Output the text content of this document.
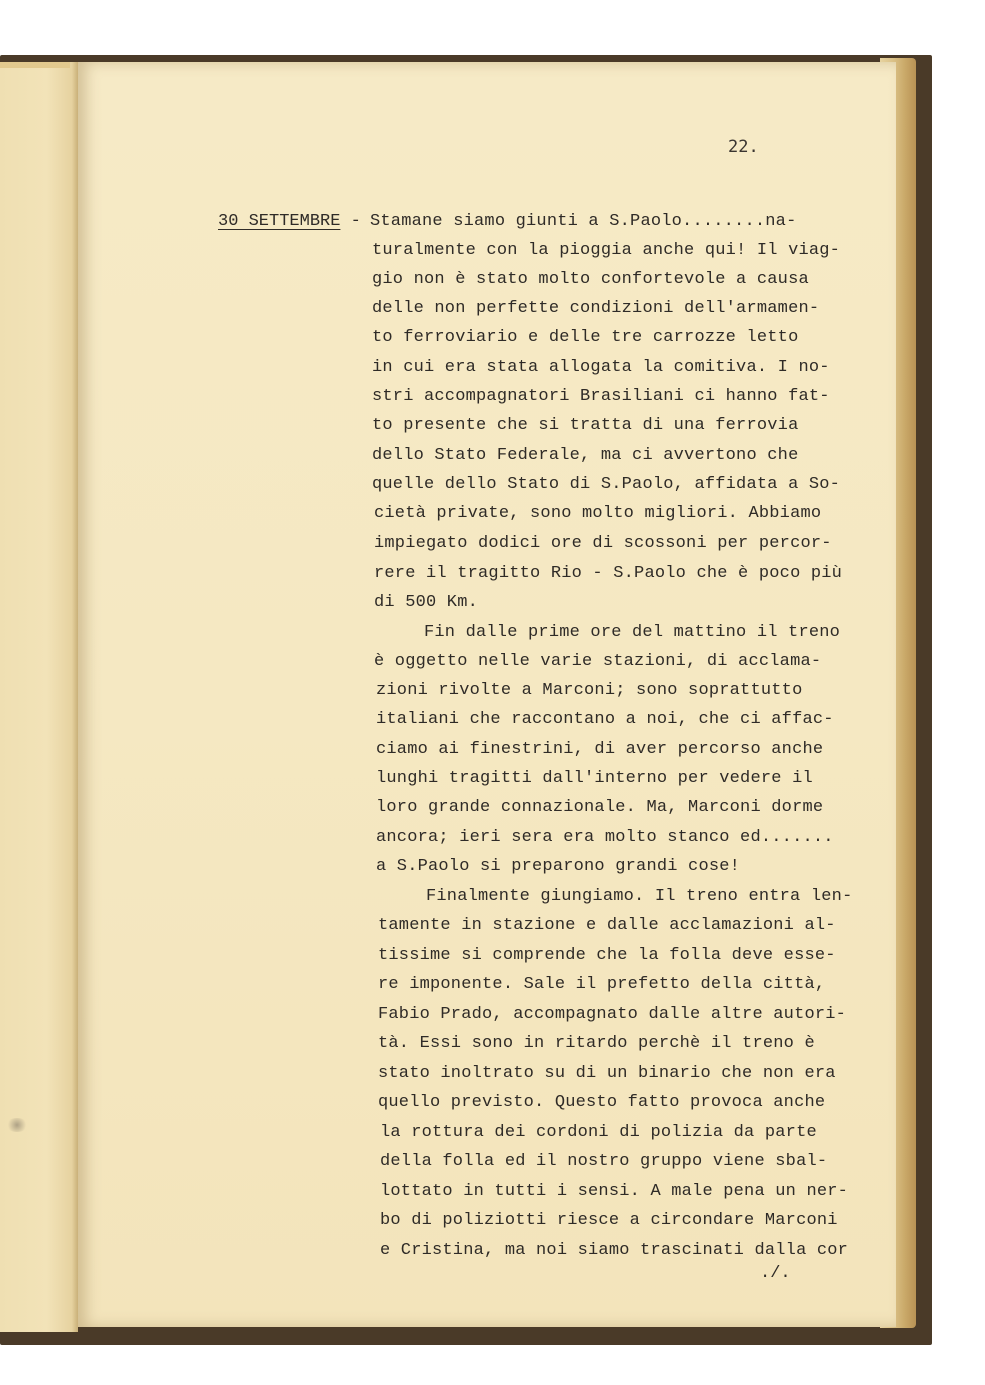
22.
30 SETTEMBRE - Stamane siamo giunti a S.Paolo........na-
turalmente con la pioggia anche qui! Il viag-
gio non è stato molto confortevole a causa
delle non perfette condizioni dell'armamen-
to ferroviario e delle tre carrozze letto
in cui era stata allogata la comitiva. I no-
stri accompagnatori Brasiliani ci hanno fat-
to presente che si tratta di una ferrovia
dello Stato Federale, ma ci avvertono che
quelle dello Stato di S.Paolo, affidata a So-
cietà private, sono molto migliori. Abbiamo
impiegato dodici ore di scossoni per percor-
rere il tragitto Rio - S.Paolo che è poco più
di 500 Km.
Fin dalle prime ore del mattino il treno
è oggetto nelle varie stazioni, di acclama-
zioni rivolte a Marconi; sono soprattutto
italiani che raccontano a noi, che ci affac-
ciamo ai finestrini, di aver percorso anche
lunghi tragitti dall'interno per vedere il
loro grande connazionale. Ma, Marconi dorme
ancora; ieri sera era molto stanco ed.......
a S.Paolo si preparono grandi cose!
Finalmente giungiamo. Il treno entra len-
tamente in stazione e dalle acclamazioni al-
tissime si comprende che la folla deve esse-
re imponente. Sale il prefetto della città,
Fabio Prado, accompagnato dalle altre autori-
tà. Essi sono in ritardo perchè il treno è
stato inoltrato su di un binario che non era
quello previsto. Questo fatto provoca anche
la rottura dei cordoni di polizia da parte
della folla ed il nostro gruppo viene sbal-
lottato in tutti i sensi. A male pena un ner-
bo di poliziotti riesce a circondare Marconi
e Cristina, ma noi siamo trascinati dalla cor
./.
